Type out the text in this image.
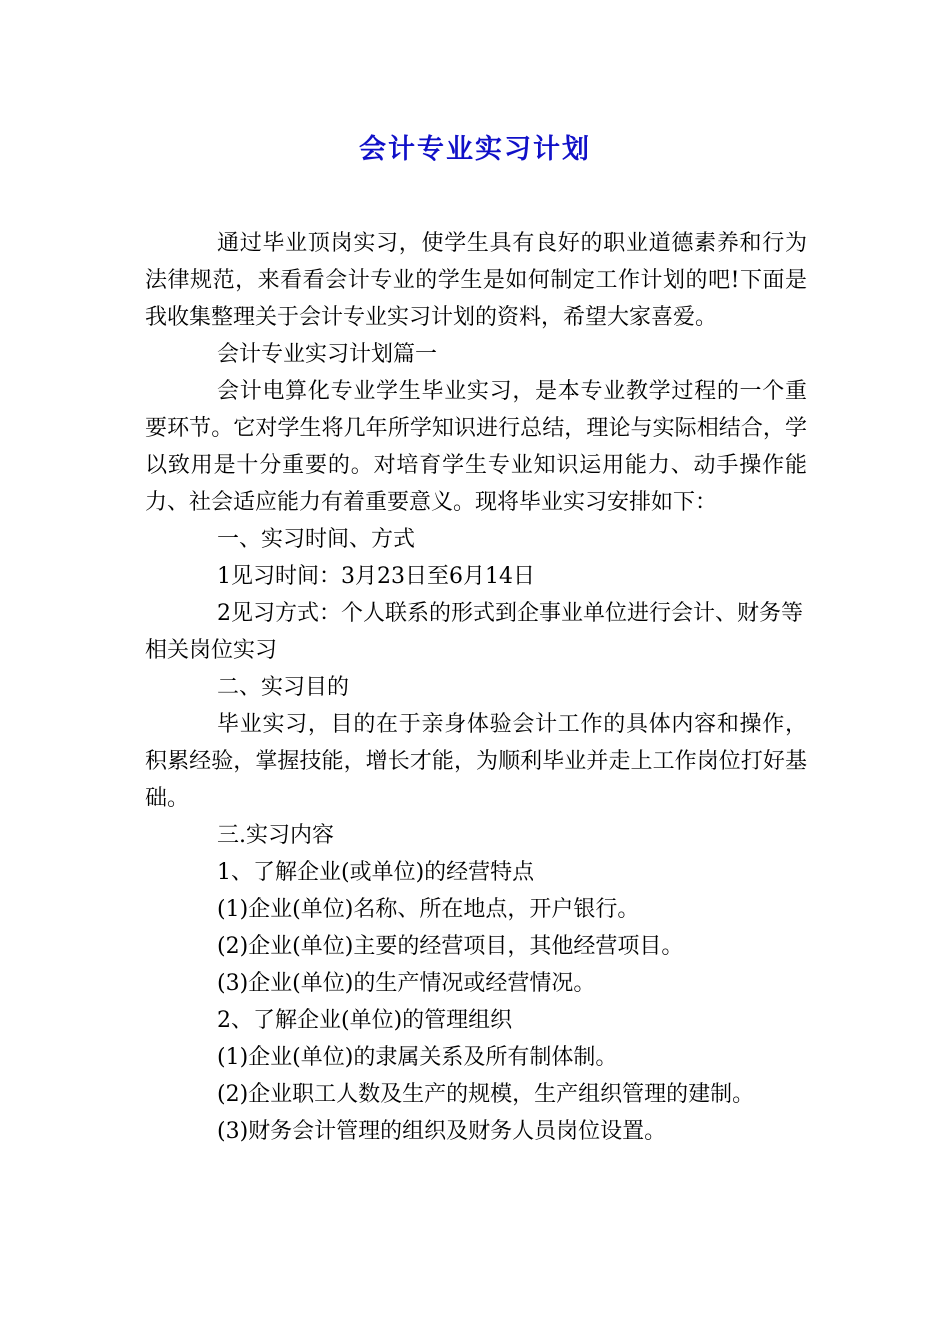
会计专业实习计划

通过毕业顶岗实习，使学生具有良好的职业道德素养和行为法律规范，来看看会计专业的学生是如何制定工作计划的吧!下面是我收集整理关于会计专业实习计划的资料，希望大家喜爱。

会计专业实习计划篇一

会计电算化专业学生毕业实习，是本专业教学过程的一个重要环节。它对学生将几年所学知识进行总结，理论与实际相结合，学以致用是十分重要的。对培育学生专业知识运用能力、动手操作能力、社会适应能力有着重要意义。现将毕业实习安排如下：

一、实习时间、方式

1见习时间：3月23日至6月14日

2见习方式：个人联系的形式到企事业单位进行会计、财务等相关岗位实习

二、实习目的

毕业实习，目的在于亲身体验会计工作的具体内容和操作，积累经验，掌握技能，增长才能，为顺利毕业并走上工作岗位打好基础。

三.实习内容

1、了解企业(或单位)的经营特点

(1)企业(单位)名称、所在地点，开户银行。

(2)企业(单位)主要的经营项目，其他经营项目。

(3)企业(单位)的生产情况或经营情况。

2、了解企业(单位)的管理组织

(1)企业(单位)的隶属关系及所有制体制。

(2)企业职工人数及生产的规模，生产组织管理的建制。

(3)财务会计管理的组织及财务人员岗位设置。
